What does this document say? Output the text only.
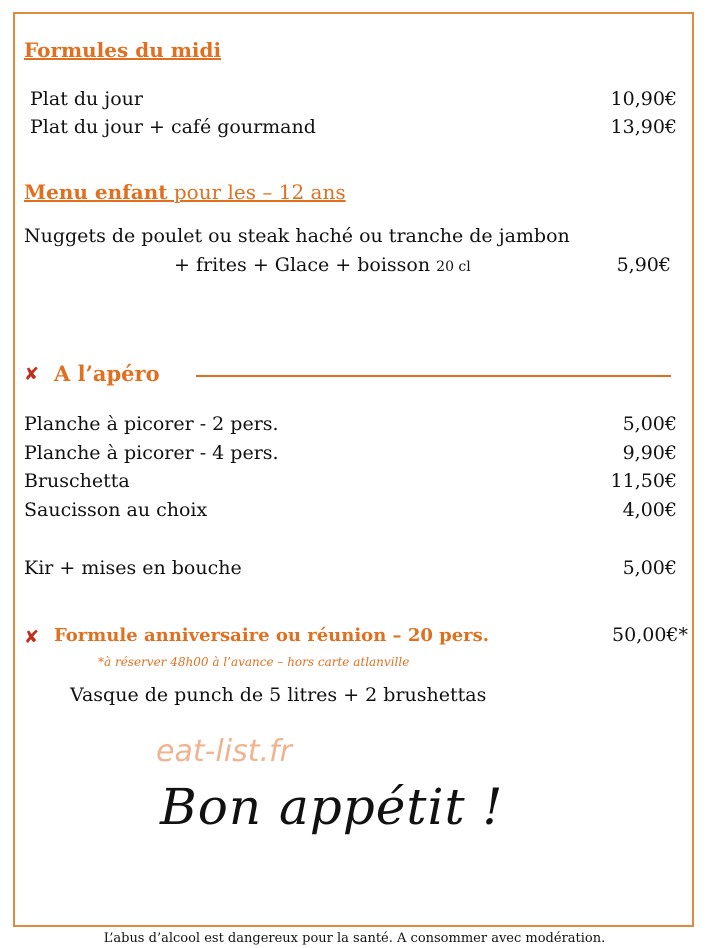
Formules du midi
Plat du jour	10,90€
Plat du jour + café gourmand	13,90€
Menu enfant pour les – 12 ans
Nuggets de poulet ou steak haché ou tranche de jambon
+ frites + Glace + boisson 20 cl	5,90€
✘ A l’apéro
Planche à picorer - 2 pers.	5,00€
Planche à picorer - 4 pers.	9,90€
Bruschetta	11,50€
Saucisson au choix	4,00€
Kir + mises en bouche	5,00€
✘ Formule anniversaire ou réunion – 20 pers.	50,00€*
*à réserver 48h00 à l’avance – hors carte atlanville
Vasque de punch de 5 litres + 2 brushettas
eat-list.fr
Bon appétit !
L’abus d’alcool est dangereux pour la santé. A consommer avec modération.
